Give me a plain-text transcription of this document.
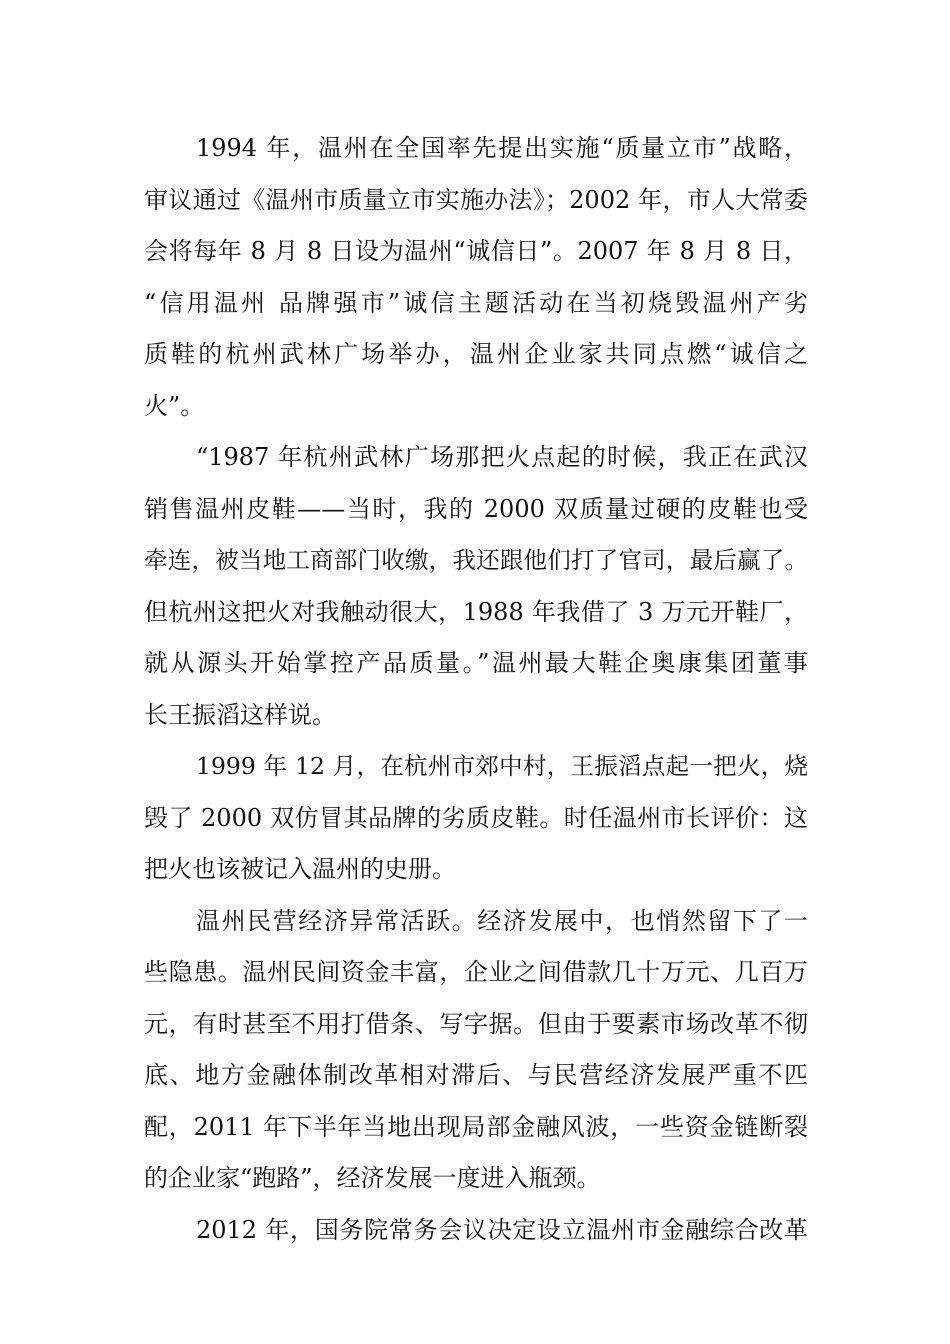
1994 年，温州在全国率先提出实施“质量立市”战略，
审议通过《温州市质量立市实施办法》；2002 年，市人大常委
会将每年 8 月 8 日设为温州“诚信日”。2007 年 8 月 8 日，
“信用温州 品牌强市”诚信主题活动在当初烧毁温州产劣
质鞋的杭州武林广场举办，温州企业家共同点燃“诚信之
火”。
“1987 年杭州武林广场那把火点起的时候，我正在武汉
销售温州皮鞋——当时，我的 2000 双质量过硬的皮鞋也受
牵连，被当地工商部门收缴，我还跟他们打了官司，最后赢了。
但杭州这把火对我触动很大，1988 年我借了 3 万元开鞋厂，
就从源头开始掌控产品质量。”温州最大鞋企奥康集团董事
长王振滔这样说。
1999 年 12 月，在杭州市郊中村，王振滔点起一把火，烧
毁了 2000 双仿冒其品牌的劣质皮鞋。时任温州市长评价：这
把火也该被记入温州的史册。
温州民营经济异常活跃。经济发展中，也悄然留下了一
些隐患。温州民间资金丰富，企业之间借款几十万元、几百万
元，有时甚至不用打借条、写字据。但由于要素市场改革不彻
底、地方金融体制改革相对滞后、与民营经济发展严重不匹
配，2011 年下半年当地出现局部金融风波，一些资金链断裂
的企业家“跑路”，经济发展一度进入瓶颈。
2012 年，国务院常务会议决定设立温州市金融综合改革
